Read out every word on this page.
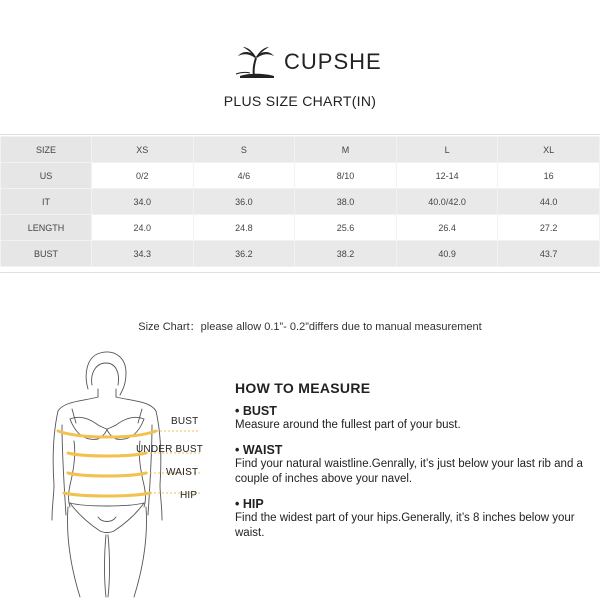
CUPSHE
PLUS SIZE CHART(IN)
SIZE	XS	S	M	L	XL
US	0/2	4/6	8/10	12-14	16
IT	34.0	36.0	38.0	40.0/42.0	44.0
LENGTH	24.0	24.8	25.6	26.4	27.2
BUST	34.3	36.2	38.2	40.9	43.7
Size Chart：please allow 0.1”- 0.2”differs due to manual measurement
BUST
UNDER BUST
WAIST
HIP
HOW TO MEASURE
• BUST
Measure around the fullest part of your bust.
• WAIST
Find your natural waistline.Genrally, it’s just below your last rib and a couple of inches above your navel.
• HIP
Find the widest part of your hips.Generally, it’s 8 inches below your waist.
